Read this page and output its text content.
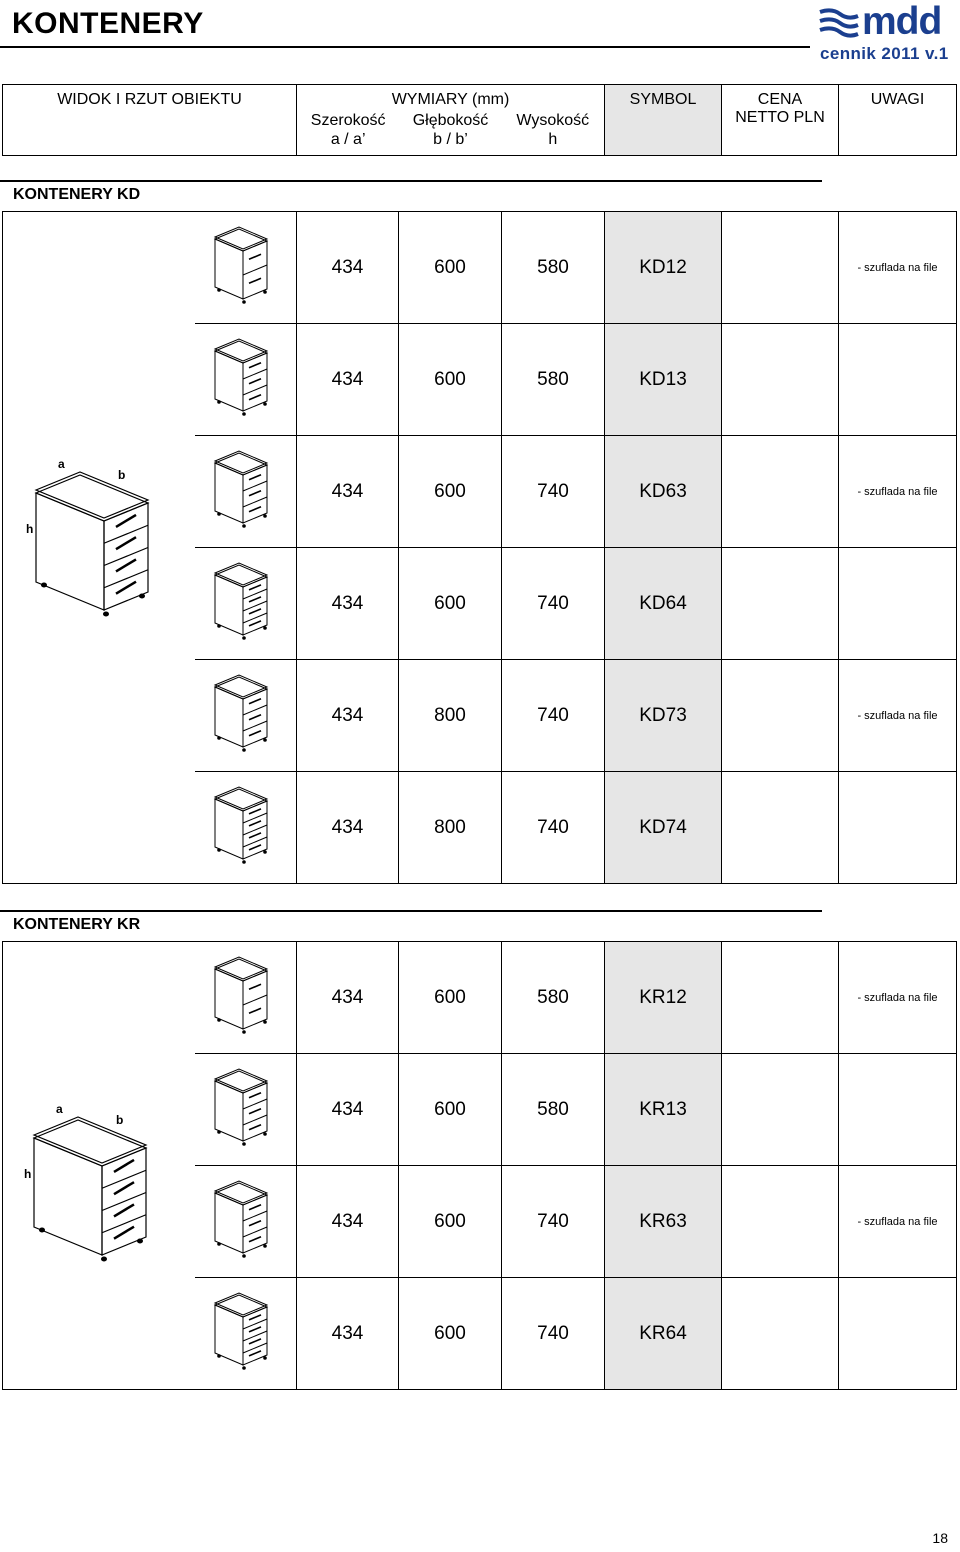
KONTENERY	mdd
cennik 2011 v.1
WIDOK I RZUT OBIEKTU	WYMIARY (mm)
Szerokość
a / a’
Głębokość
b / b’
Wysokość
h

SYMBOL	CENA
NETTO PLN

UWAGI
KONTENERY KD
		434	600	580	KD12		- szuflada na file
	434	600	580	KD13		
	434	600	740	KD63		- szuflada na file
	434	600	740	KD64		
	434	800	740	KD73		- szuflada na file
	434	800	740	KD74		
KONTENERY KR
		434	600	580	KR12		- szuflada na file
	434	600	580	KR13		
	434	600	740	KR63		- szuflada na file
	434	600	740	KR64		
a
b
h
a
b
h
18
